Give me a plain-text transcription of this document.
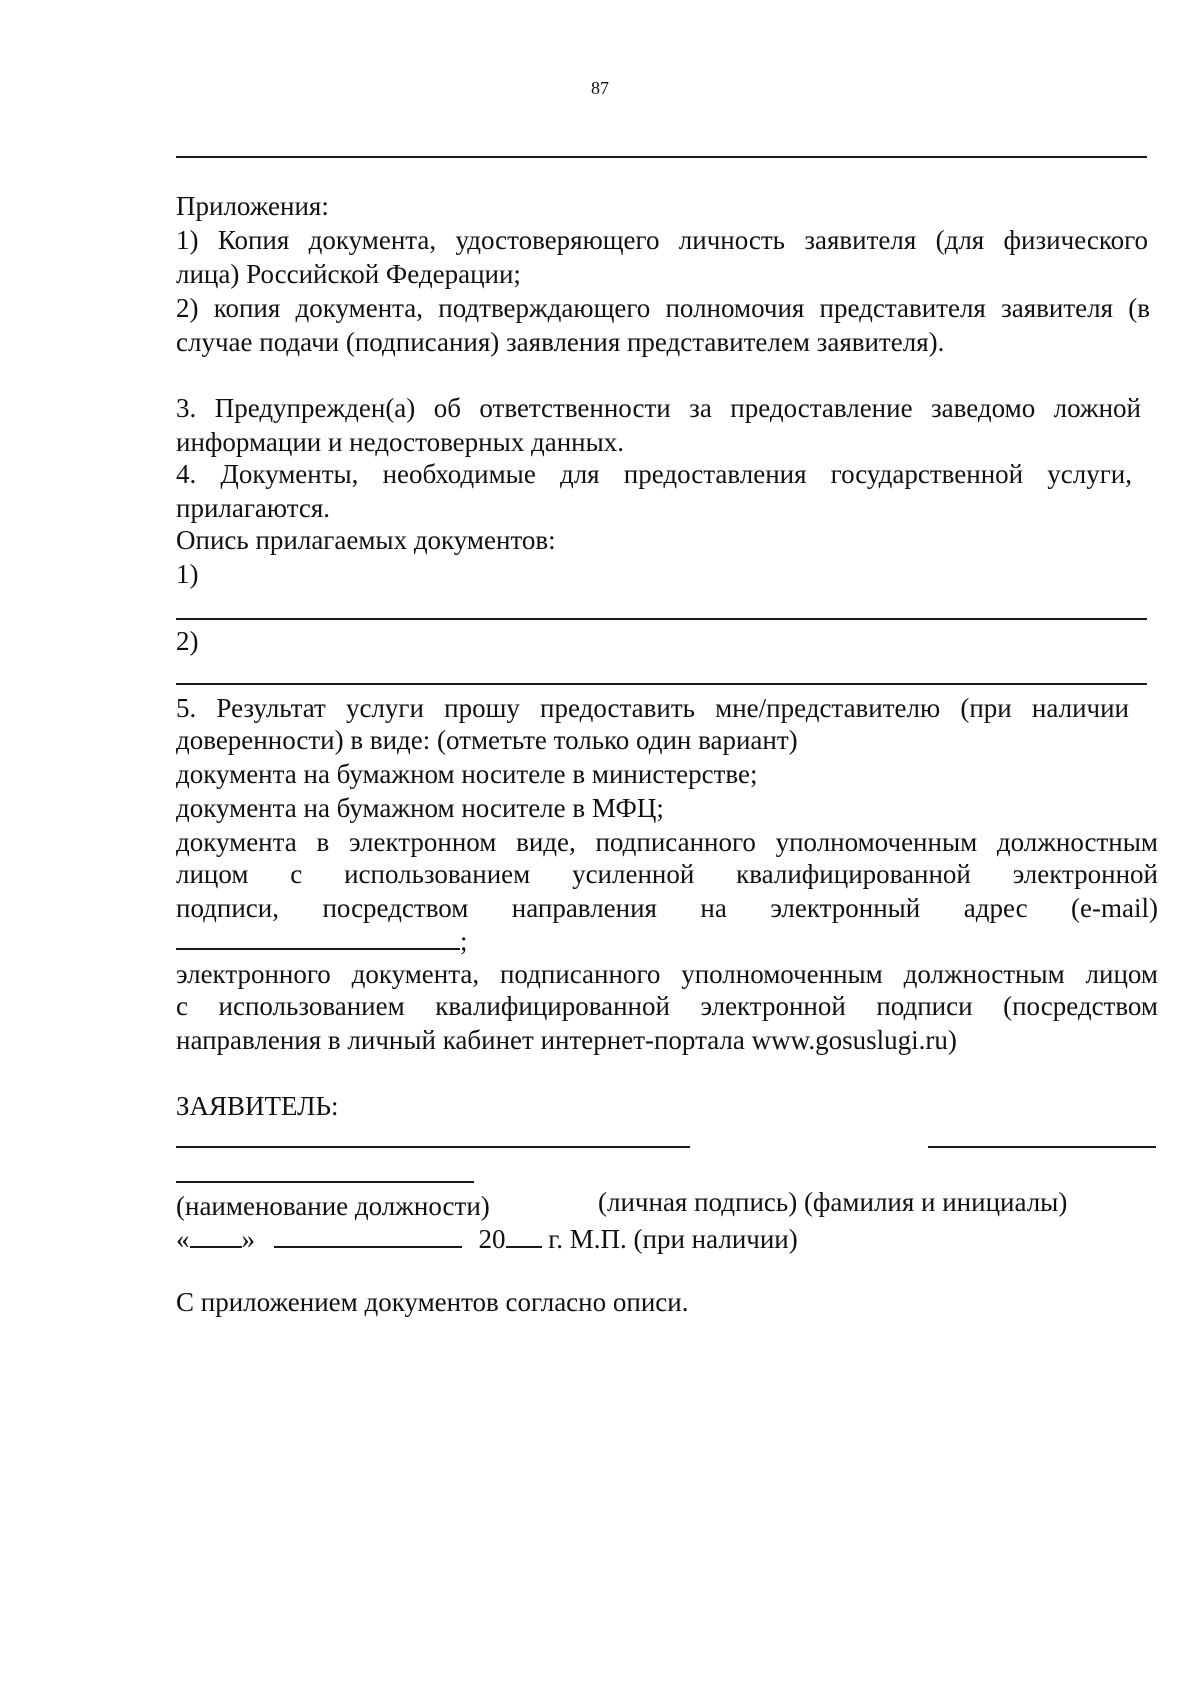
87
Приложения:
1) Копия документа, удостоверяющего личность заявителя (для физического
лица) Российской Федерации;
2) копия документа, подтверждающего полномочия представителя заявителя (в
случае подачи (подписания) заявления представителем заявителя).
3. Предупрежден(а) об ответственности за предоставление заведомо ложной
информации и недостоверных данных.
4. Документы, необходимые для предоставления государственной услуги,
прилагаются.
Опись прилагаемых документов:
1)
2)
5. Результат услуги прошу предоставить мне/представителю (при наличии
доверенности) в виде: (отметьте только один вариант)
документа на бумажном носителе в министерстве;
документа на бумажном носителе в МФЦ;
документа в электронном виде, подписанного уполномоченным должностным
лицом с использованием усиленной квалифицированной электронной
подписи, посредством направления на электронный адрес (e-mail)
;
электронного документа, подписанного уполномоченным должностным лицом
с использованием квалифицированной электронной подписи (посредством
направления в личный кабинет интернет-портала www.gosuslugi.ru)
ЗАЯВИТЕЛЬ:
(наименование должности)	(личная подпись) (фамилия и инициалы)
« »	20 г. М.П. (при наличии)
С приложением документов согласно описи.
